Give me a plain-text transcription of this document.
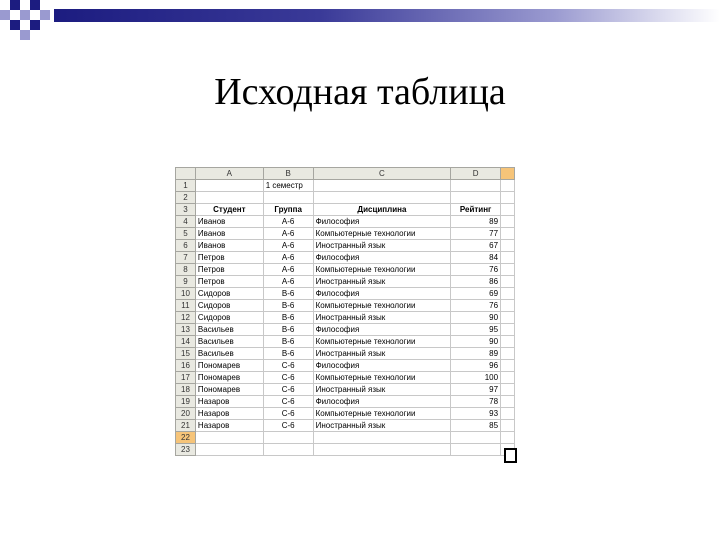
Исходная таблица
	A	B	C	D	
1		1 семестр			
2					
3	Студент	Группа	Дисциплина	Рейтинг	
4	Иванов	А-6	Философия	89	
5	Иванов	А-6	Компьютерные технологии	77	
6	Иванов	А-6	Иностранный язык	67	
7	Петров	А-6	Философия	84	
8	Петров	А-6	Компьютерные технологии	76	
9	Петров	А-6	Иностранный язык	86	
10	Сидоров	В-6	Философия	69	
11	Сидоров	В-6	Компьютерные технологии	76	
12	Сидоров	В-6	Иностранный язык	90	
13	Васильев	В-6	Философия	95	
14	Васильев	В-6	Компьютерные технологии	90	
15	Васильев	В-6	Иностранный язык	89	
16	Пономарев	С-6	Философия	96	
17	Пономарев	С-6	Компьютерные технологии	100	
18	Пономарев	С-6	Иностранный язык	97	
19	Назаров	С-6	Философия	78	
20	Назаров	С-6	Компьютерные технологии	93	
21	Назаров	С-6	Иностранный язык	85	
22					
23					
